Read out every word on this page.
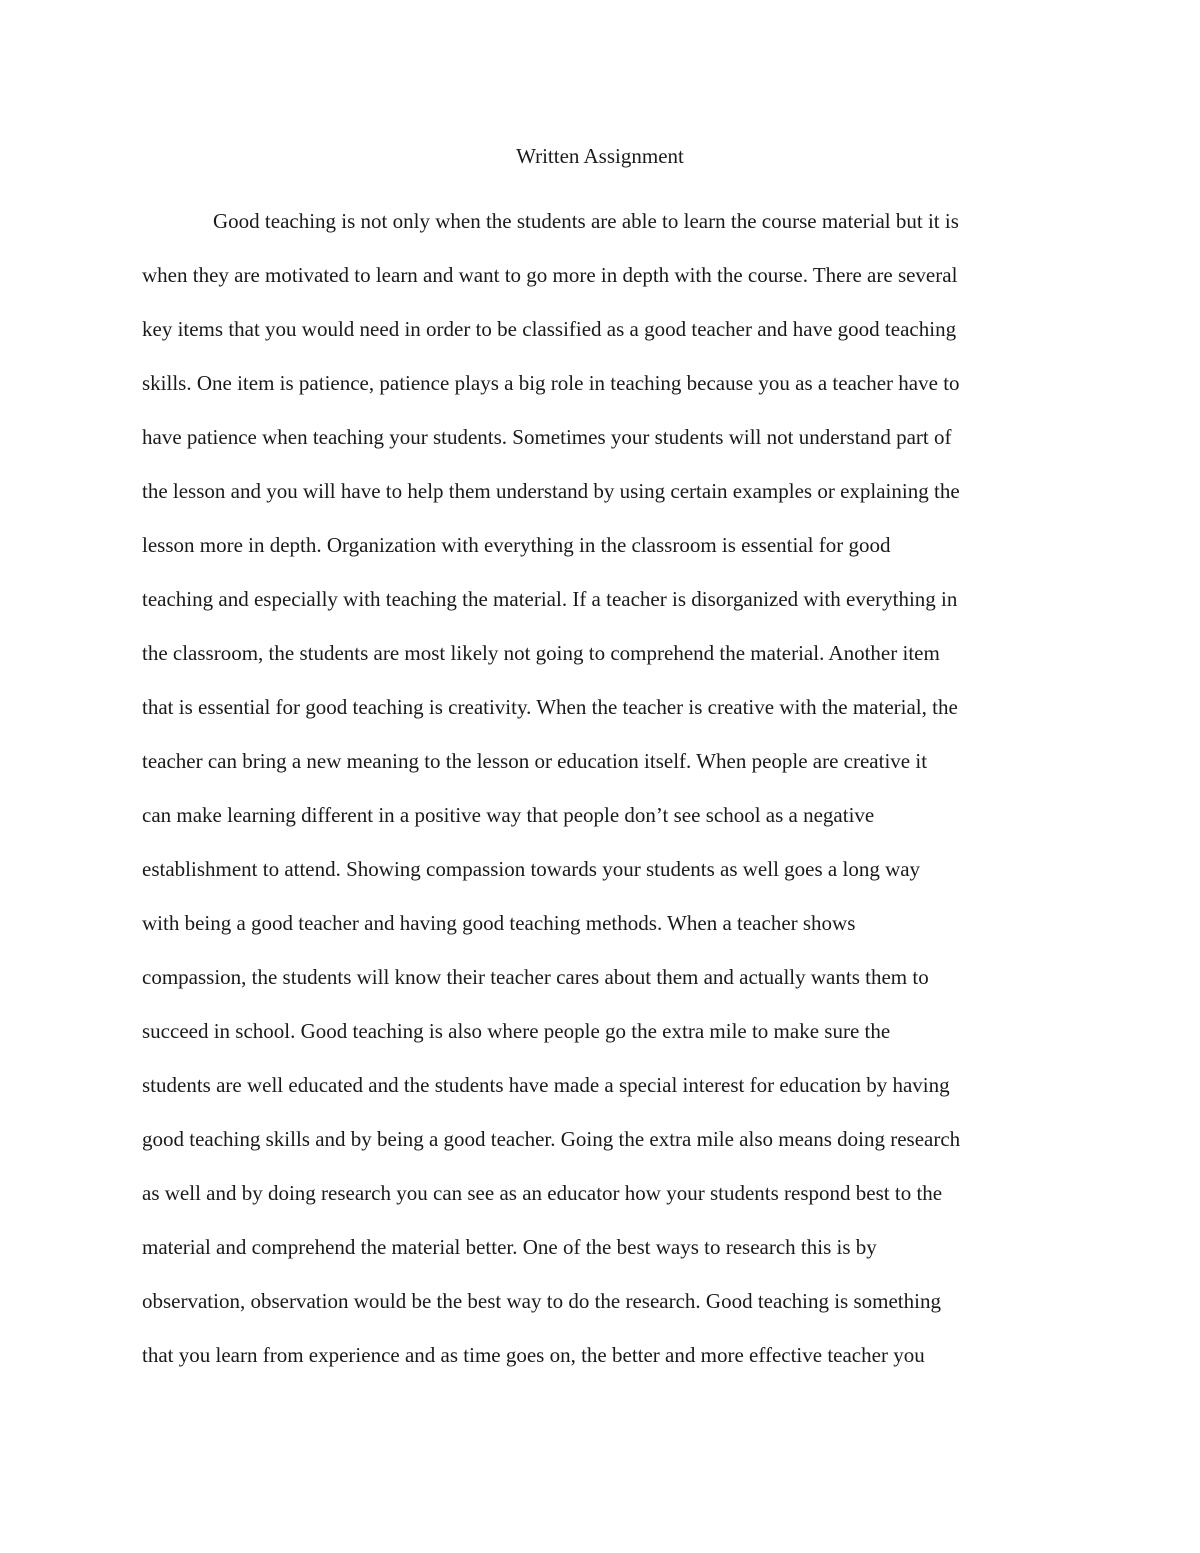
Written Assignment
Good teaching is not only when the students are able to learn the course material but it is
when they are motivated to learn and want to go more in depth with the course. There are several
key items that you would need in order to be classified as a good teacher and have good teaching
skills. One item is patience, patience plays a big role in teaching because you as a teacher have to
have patience when teaching your students. Sometimes your students will not understand part of
the lesson and you will have to help them understand by using certain examples or explaining the
lesson more in depth. Organization with everything in the classroom is essential for good
teaching and especially with teaching the material. If a teacher is disorganized with everything in
the classroom, the students are most likely not going to comprehend the material. Another item
that is essential for good teaching is creativity. When the teacher is creative with the material, the
teacher can bring a new meaning to the lesson or education itself. When people are creative it
can make learning different in a positive way that people don’t see school as a negative
establishment to attend. Showing compassion towards your students as well goes a long way
with being a good teacher and having good teaching methods. When a teacher shows
compassion, the students will know their teacher cares about them and actually wants them to
succeed in school. Good teaching is also where people go the extra mile to make sure the
students are well educated and the students have made a special interest for education by having
good teaching skills and by being a good teacher. Going the extra mile also means doing research
as well and by doing research you can see as an educator how your students respond best to the
material and comprehend the material better. One of the best ways to research this is by
observation, observation would be the best way to do the research. Good teaching is something
that you learn from experience and as time goes on, the better and more effective teacher you
